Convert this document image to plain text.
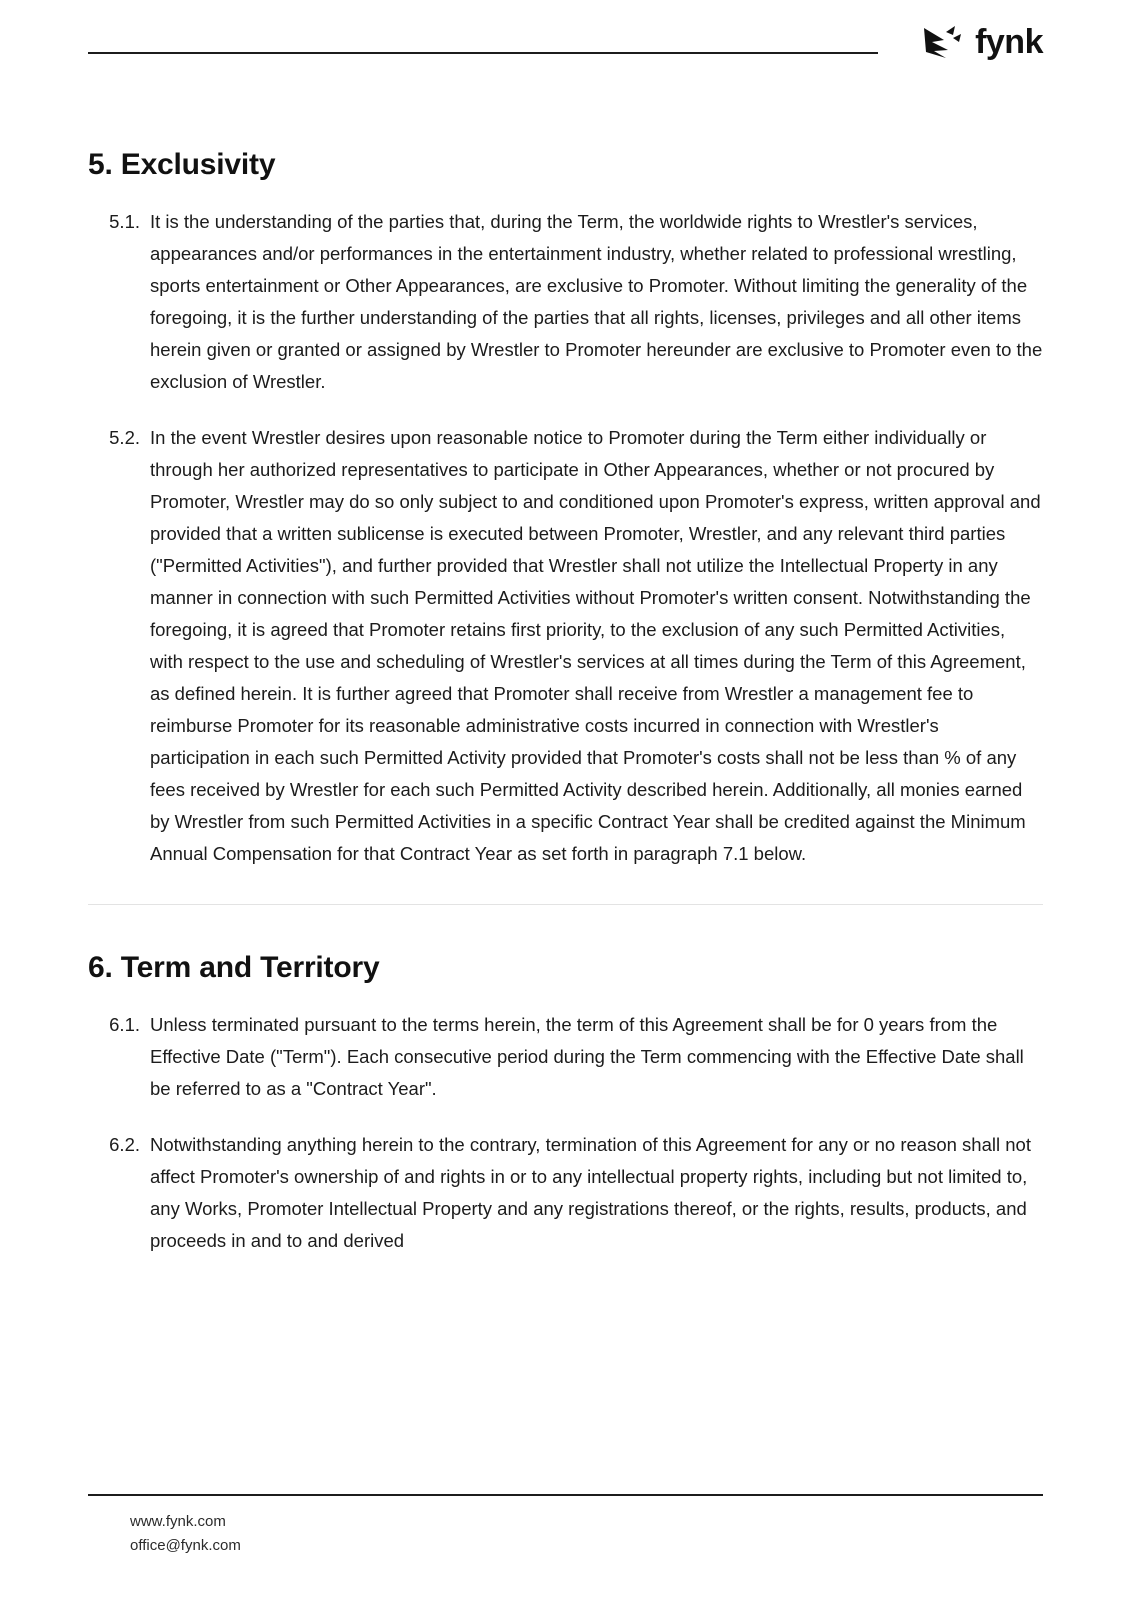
fynk
5. Exclusivity
5.1. It is the understanding of the parties that, during the Term, the worldwide rights to Wrestler's services, appearances and/or performances in the entertainment industry, whether related to professional wrestling, sports entertainment or Other Appearances, are exclusive to Promoter. Without limiting the generality of the foregoing, it is the further understanding of the parties that all rights, licenses, privileges and all other items herein given or granted or assigned by Wrestler to Promoter hereunder are exclusive to Promoter even to the exclusion of Wrestler.
5.2. In the event Wrestler desires upon reasonable notice to Promoter during the Term either individually or through her authorized representatives to participate in Other Appearances, whether or not procured by Promoter, Wrestler may do so only subject to and conditioned upon Promoter's express, written approval and provided that a written sublicense is executed between Promoter, Wrestler, and any relevant third parties ("Permitted Activities"), and further provided that Wrestler shall not utilize the Intellectual Property in any manner in connection with such Permitted Activities without Promoter's written consent. Notwithstanding the foregoing, it is agreed that Promoter retains first priority, to the exclusion of any such Permitted Activities, with respect to the use and scheduling of Wrestler's services at all times during the Term of this Agreement, as defined herein. It is further agreed that Promoter shall receive from Wrestler a management fee to reimburse Promoter for its reasonable administrative costs incurred in connection with Wrestler's participation in each such Permitted Activity provided that Promoter's costs shall not be less than % of any fees received by Wrestler for each such Permitted Activity described herein. Additionally, all monies earned by Wrestler from such Permitted Activities in a specific Contract Year shall be credited against the Minimum Annual Compensation for that Contract Year as set forth in paragraph 7.1 below.
6. Term and Territory
6.1. Unless terminated pursuant to the terms herein, the term of this Agreement shall be for 0 years from the Effective Date ("Term"). Each consecutive period during the Term commencing with the Effective Date shall be referred to as a "Contract Year".
6.2. Notwithstanding anything herein to the contrary, termination of this Agreement for any or no reason shall not affect Promoter's ownership of and rights in or to any intellectual property rights, including but not limited to, any Works, Promoter Intellectual Property and any registrations thereof, or the rights, results, products, and proceeds in and to and derived
www.fynk.com
office@fynk.com
